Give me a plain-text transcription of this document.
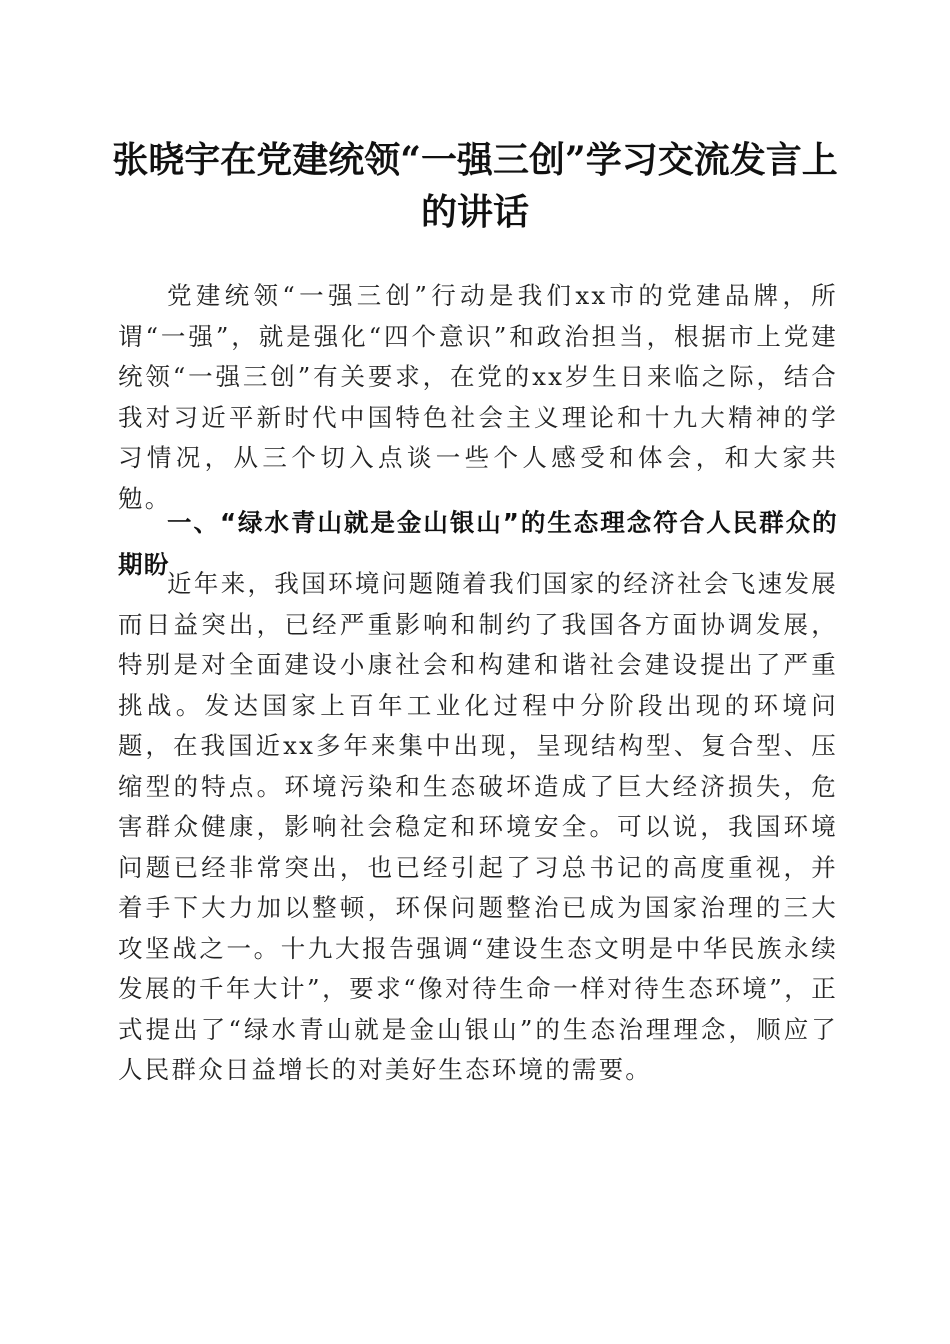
张晓宇在党建统领“一强三创”学习交流发言上的讲话

党建统领“一强三创”行动是我们xx市的党建品牌，所谓“一强”，就是强化“四个意识”和政治担当，根据市上党建统领“一强三创”有关要求，在党的xx岁生日来临之际，结合我对习近平新时代中国特色社会主义理论和十九大精神的学习情况，从三个切入点谈一些个人感受和体会，和大家共勉。

一、“绿水青山就是金山银山”的生态理念符合人民群众的期盼

近年来，我国环境问题随着我们国家的经济社会飞速发展而日益突出，已经严重影响和制约了我国各方面协调发展，特别是对全面建设小康社会和构建和谐社会建设提出了严重挑战。发达国家上百年工业化过程中分阶段出现的环境问题，在我国近xx多年来集中出现，呈现结构型、复合型、压缩型的特点。环境污染和生态破坏造成了巨大经济损失，危害群众健康，影响社会稳定和环境安全。可以说，我国环境问题已经非常突出，也已经引起了习总书记的高度重视，并着手下大力加以整顿，环保问题整治已成为国家治理的三大攻坚战之一。十九大报告强调“建设生态文明是中华民族永续发展的千年大计”，要求“像对待生命一样对待生态环境”，正式提出了“绿水青山就是金山银山”的生态治理理念，顺应了人民群众日益增长的对美好生态环境的需要。
